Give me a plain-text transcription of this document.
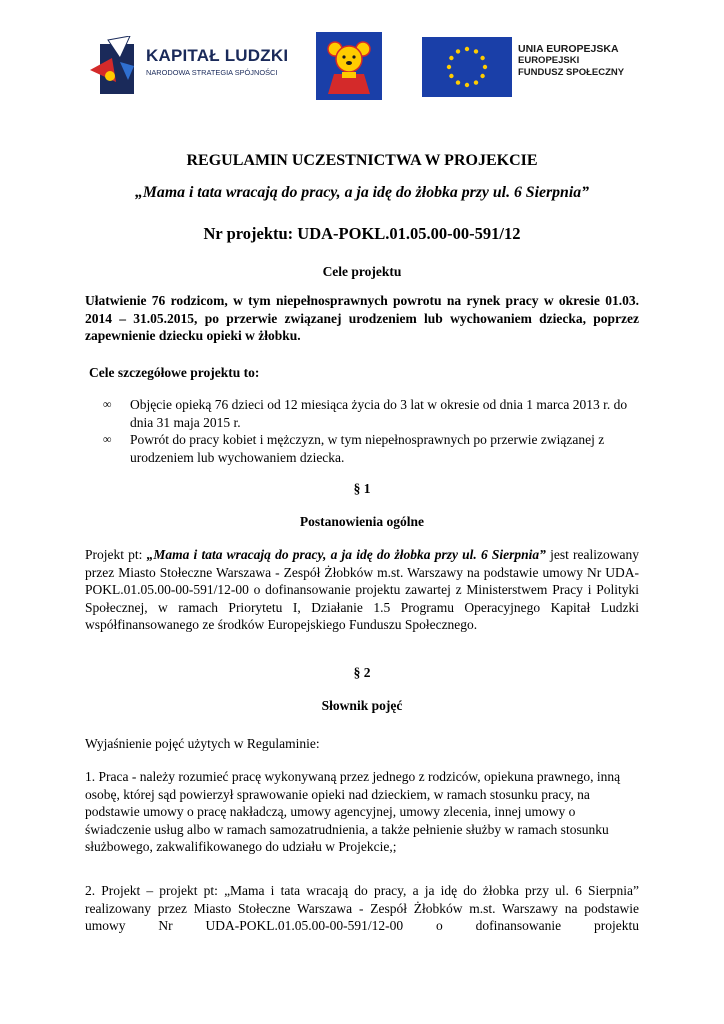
KAPITAŁ LUDZKI
NARODOWA STRATEGIA SPÓJNOŚCI
UNIA EUROPEJSKA
EUROPEJSKI
FUNDUSZ SPOŁECZNY
REGULAMIN UCZESTNICTWA W PROJEKCIE
„Mama i tata wracają do pracy, a ja idę do żłobka przy ul. 6 Sierpnia”
Nr projektu: UDA-POKL.01.05.00-00-591/12
Cele projektu

Ułatwienie 76 rodzicom, w tym niepełnosprawnych powrotu na rynek pracy w okresie 01.03. 2014 – 31.05.2015, po przerwie związanej urodzeniem lub wychowaniem dziecka, poprzez zapewnienie dziecku opieki w żłobku.

Cele szczegółowe projektu to:

∞ Objęcie opieką 76 dzieci od 12 miesiąca życia do 3 lat w okresie od dnia 1 marca 2013 r. do dnia 31 maja 2015 r.
∞ Powrót do pracy kobiet i mężczyzn, w tym niepełnosprawnych po przerwie związanej z urodzeniem lub wychowaniem dziecka.
§ 1
Postanowienia ogólne

Projekt pt: „Mama i tata wracają do pracy, a ja idę do żłobka przy ul. 6 Sierpnia” jest realizowany przez Miasto Stołeczne Warszawa - Zespół Żłobków m.st. Warszawy na podstawie umowy Nr UDA-POKL.01.05.00-00-591/12-00 o dofinansowanie projektu zawartej z Ministerstwem Pracy i Polityki Społecznej, w ramach Priorytetu I, Działanie 1.5 Programu Operacyjnego Kapitał Ludzki współfinansowanego ze środków Europejskiego Funduszu Społecznego.

§ 2
Słownik pojęć

Wyjaśnienie pojęć użytych w Regulaminie:

1. Praca - należy rozumieć pracę wykonywaną przez jednego z rodziców, opiekuna prawnego, inną osobę, której sąd powierzył sprawowanie opieki nad dzieckiem, w ramach stosunku pracy, na podstawie umowy o pracę nakładczą, umowy agencyjnej, umowy zlecenia, innej umowy o świadczenie usług albo w ramach samozatrudnienia, a także pełnienie służby w ramach stosunku służbowego, zakwalifikowanego do udziału w Projekcie,;

2. Projekt – projekt pt: „Mama i tata wracają do pracy, a ja idę do żłobka przy ul. 6 Sierpnia” realizowany przez Miasto Stołeczne Warszawa - Zespół Żłobków m.st. Warszawy na podstawie umowy Nr UDA-POKL.01.05.00-00-591/12-00 o dofinansowanie projektu
